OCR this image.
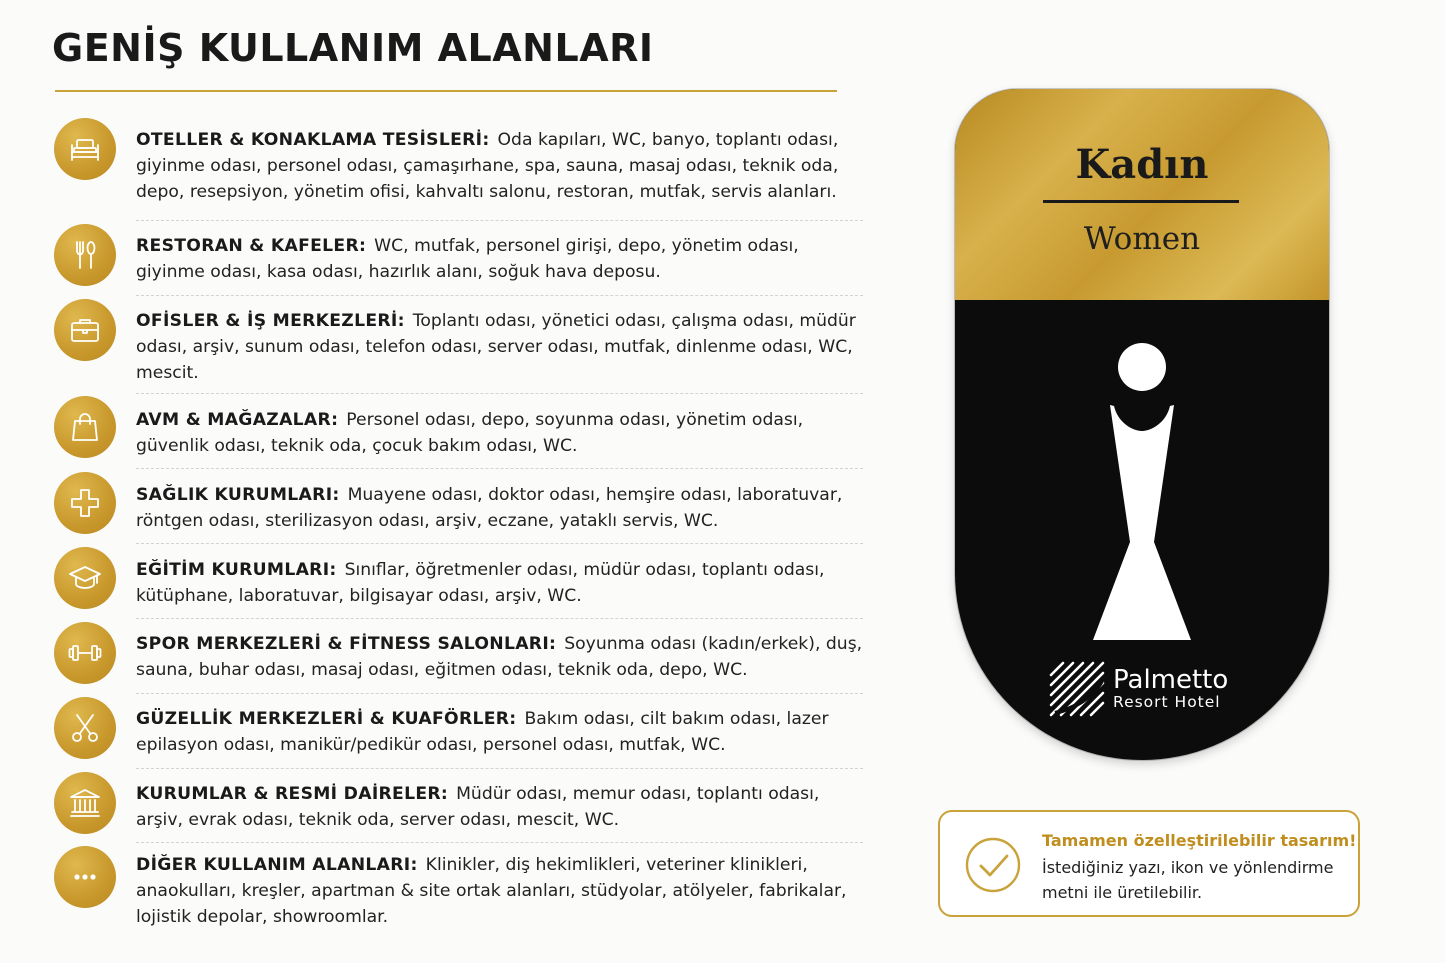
GENİŞ KULLANIM ALANLARI
OTELLER & KONAKLAMA TESİSLERİ: Oda kapıları, WC, banyo, toplantı odası, giyinme odası, personel odası, çamaşırhane, spa, sauna, masaj odası, teknik oda, depo, resepsiyon, yönetim ofisi, kahvaltı salonu, restoran, mutfak, servis alanları.
RESTORAN & KAFELER: WC, mutfak, personel girişi, depo, yönetim odası, giyinme odası, kasa odası, hazırlık alanı, soğuk hava deposu.
OFİSLER & İŞ MERKEZLERİ: Toplantı odası, yönetici odası, çalışma odası, müdür odası, arşiv, sunum odası, telefon odası, server odası, mutfak, dinlenme odası, WC, mescit.
AVM & MAĞAZALAR: Personel odası, depo, soyunma odası, yönetim odası, güvenlik odası, teknik oda, çocuk bakım odası, WC.
SAĞLIK KURUMLARI: Muayene odası, doktor odası, hemşire odası, laboratuvar, röntgen odası, sterilizasyon odası, arşiv, eczane, yataklı servis, WC.
EĞİTİM KURUMLARI: Sınıflar, öğretmenler odası, müdür odası, toplantı odası, kütüphane, laboratuvar, bilgisayar odası, arşiv, WC.
SPOR MERKEZLERİ & FİTNESS SALONLARI: Soyunma odası (kadın/erkek), duş, sauna, buhar odası, masaj odası, eğitmen odası, teknik oda, depo, WC.
GÜZELLİK MERKEZLERİ & KUAFÖRLER: Bakım odası, cilt bakım odası, lazer epilasyon odası, manikür/pedikür odası, personel odası, mutfak, WC.
KURUMLAR & RESMİ DAİRELER: Müdür odası, memur odası, toplantı odası, arşiv, evrak odası, teknik oda, server odası, mescit, WC.
DİĞER KULLANIM ALANLARI: Klinikler, diş hekimlikleri, veteriner klinikleri, anaokulları, kreşler, apartman & site ortak alanları, stüdyolar, atölyeler, fabrikalar, lojistik depolar, showroomlar.
Kadın
Women
Palmetto
Resort Hotel
Tamamen özelleştirilebilir tasarım!
İstediğiniz yazı, ikon ve yönlendirme metni ile üretilebilir.
